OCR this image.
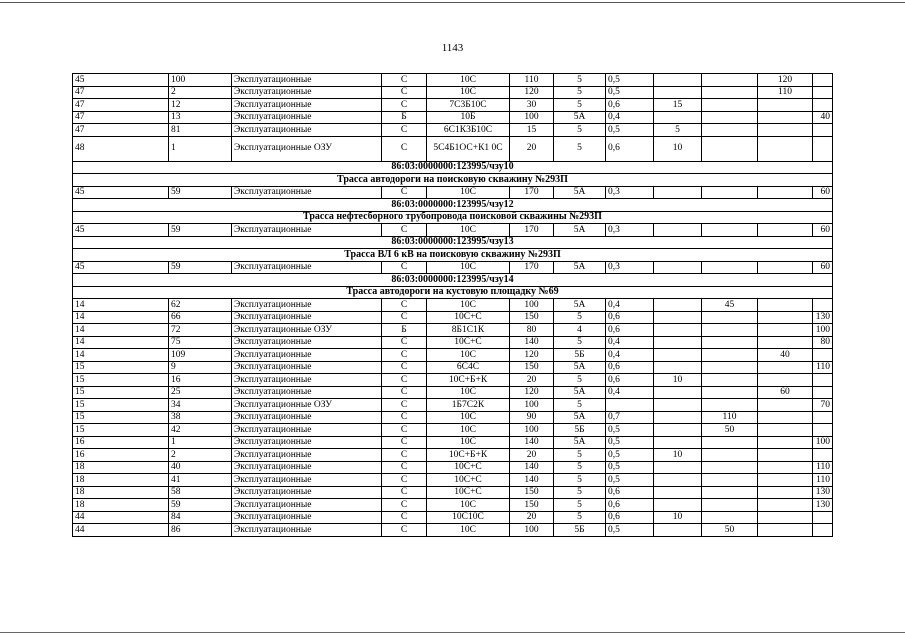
1143
45	100	Эксплуатационные	С	10С	110	5	0,5			120	
47	2	Эксплуатационные	С	10С	120	5	0,5			110	
47	12	Эксплуатационные	С	7С3Б10С	30	5	0,6	15			
47	13	Эксплуатационные	Б	10Б	100	5А	0,4				40
47	81	Эксплуатационные	С	6С1К3Б10С	15	5	0,5	5			
48	1	Эксплуатационные ОЗУ	С	5С4Б1ОС+К1 0С	20	5	0,6	10			
86:03:0000000:123995/чзу10											
Трасса автодороги на поисковую скважину №293П											
45	59	Эксплуатационные	С	10С	170	5А	0,3				60
86:03:0000000:123995/чзу12											
Трасса нефтесборного трубопровода поисковой скважины №293П											
45	59	Эксплуатационные	С	10С	170	5А	0,3				60
86:03:0000000:123995/чзу13											
Трасса ВЛ 6 кВ на поисковую скважину №293П											
45	59	Эксплуатационные	С	10С	170	5А	0,3				60
86:03:0000000:123995/чзу14											
Трасса автодороги на кустовую площадку №69											
14	62	Эксплуатационные	С	10С	100	5А	0,4		45		
14	66	Эксплуатационные	С	10С+С	150	5	0,6				130
14	72	Эксплуатационные ОЗУ	Б	8Б1С1К	80	4	0,6				100
14	75	Эксплуатационные	С	10С+С	140	5	0,4				80
14	109	Эксплуатационные	С	10С	120	5Б	0,4			40	
15	9	Эксплуатационные	С	6С4С	150	5А	0,6				110
15	16	Эксплуатационные	С	10С+Б+К	20	5	0,6	10			
15	25	Эксплуатационные	С	10С	120	5А	0,4			60	
15	34	Эксплуатационные ОЗУ	С	1Б7С2К	100	5					70
15	38	Эксплуатационные	С	10С	90	5А	0,7		110		
15	42	Эксплуатационные	С	10С	100	5Б	0,5		50		
16	1	Эксплуатационные	С	10С	140	5А	0,5				100
16	2	Эксплуатационные	С	10С+Б+К	20	5	0,5	10			
18	40	Эксплуатационные	С	10С+С	140	5	0,5				110
18	41	Эксплуатационные	С	10С+С	140	5	0,5				110
18	58	Эксплуатационные	С	10С+С	150	5	0,6				130
18	59	Эксплуатационные	С	10С	150	5	0,6				130
44	84	Эксплуатационные	С	10С10С	20	5	0,6	10			
44	86	Эксплуатационные	С	10С	100	5Б	0,5		50		
